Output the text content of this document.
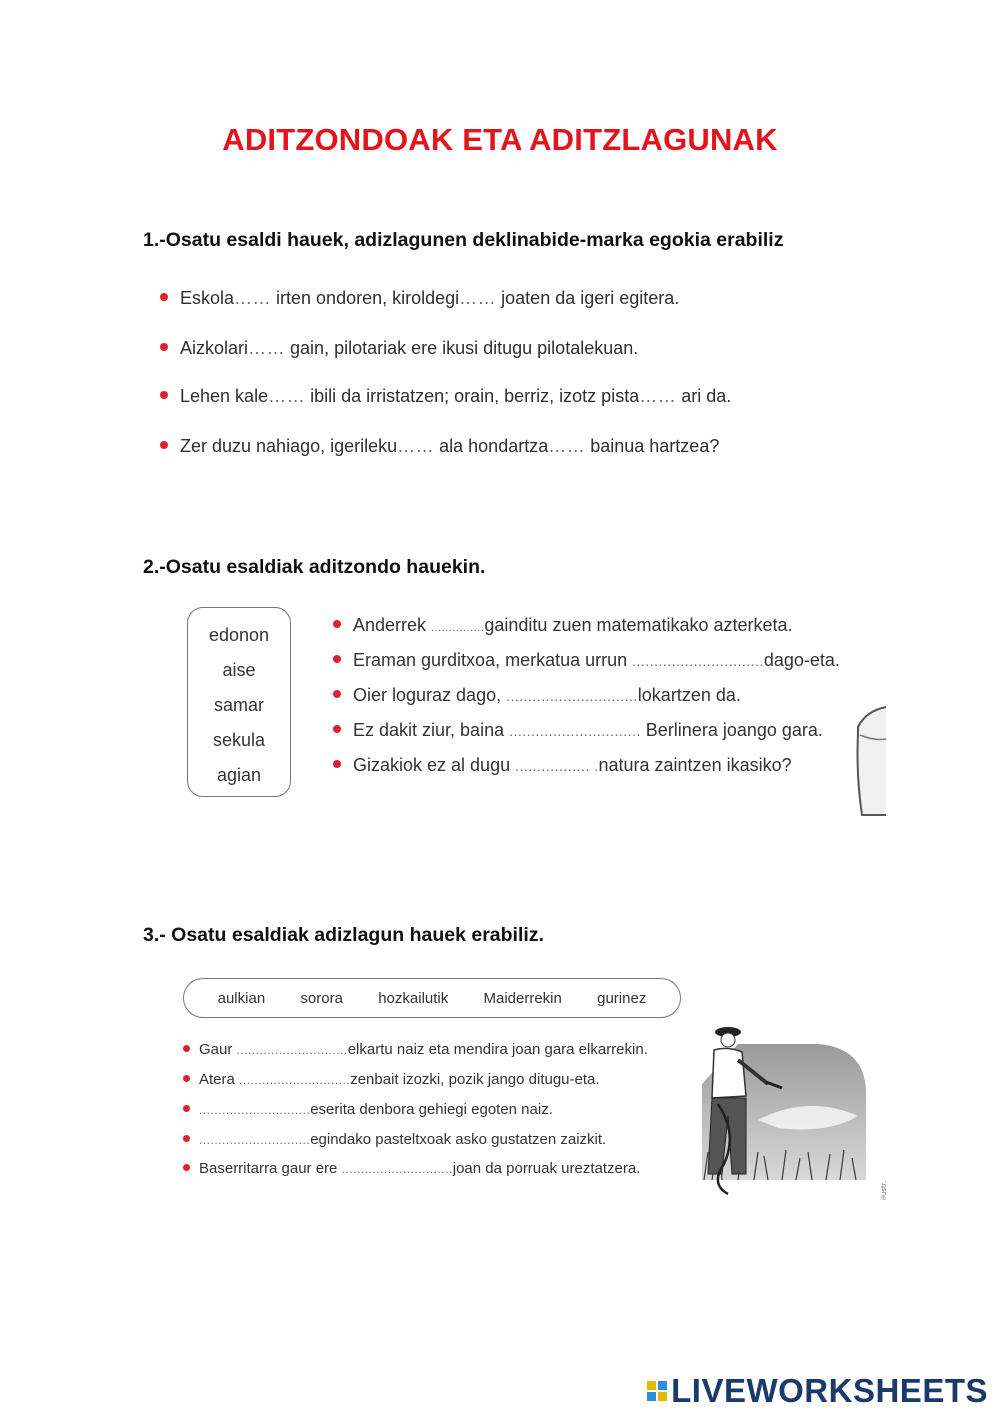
ADITZONDOAK ETA ADITZLAGUNAK
1.-Osatu esaldi hauek, adizlagunen deklinabide-marka egokia erabiliz
Eskola…… irten ondoren, kiroldegi…… joaten da igeri egitera.
Aizkolari…… gain, pilotariak ere ikusi ditugu pilotalekuan.
Lehen kale…… ibili da irristatzen; orain, berriz, izotz pista…… ari da.
Zer duzu nahiago, igerileku…… ala hondartza…… bainua hartzea?
2.-Osatu esaldiak aditzondo hauekin.
edonon
aise
samar
sekula
agian
Anderrek ...............gainditu zuen matematikako azterketa.
Eraman gurditxoa, merkatua urrun ..............................dago-eta.
Oier loguraz dago, ..............................lokartzen da.
Ez dakit ziur, baina .............................. Berlinera joango gara.
Gizakiok ez al dugu ................. .natura zaintzen ikasiko?
3.- Osatu esaldiak adizlagun hauek erabiliz.
aulkian sorora hozkailutik Maiderrekin gurinez
Gaur .............................elkartu naiz eta mendira joan gara elkarrekin.
Atera .............................zenbait izozki, pozik jango ditugu-eta.
.............................eserita denbora gehiegi egoten naiz.
.............................egindako pasteltxoak asko gustatzen zaizkit.
Baserritarra gaur ere .............................joan da porruak ureztatzera.
ilustr.
LIVEWORKSHEETS
